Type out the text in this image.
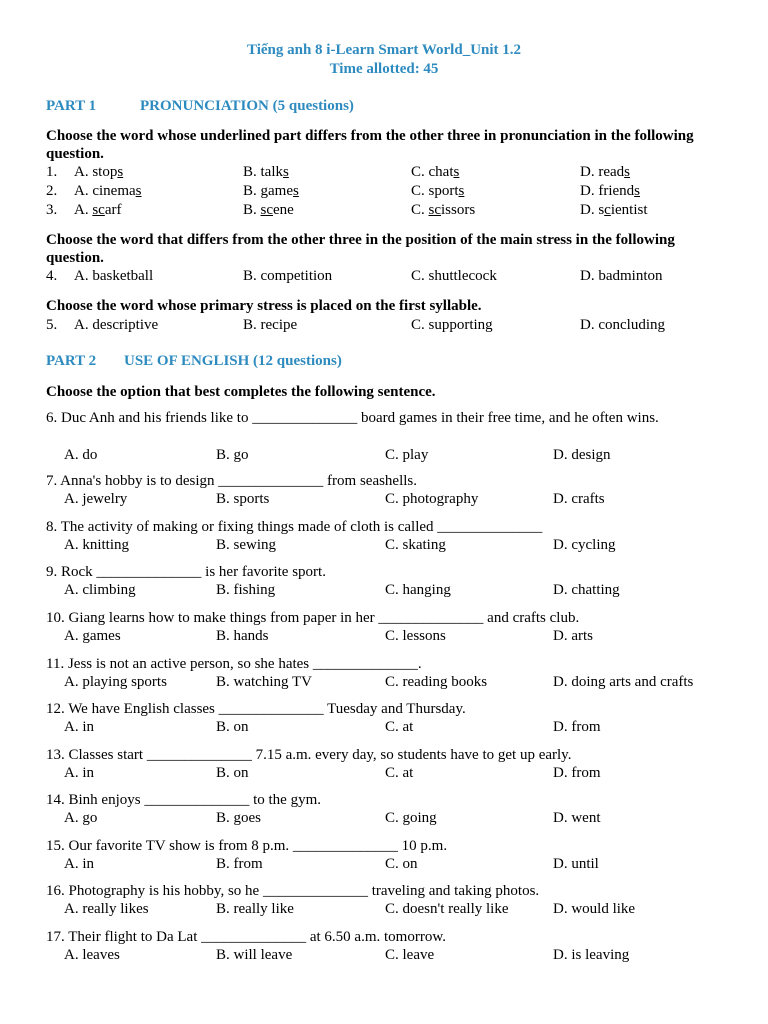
Tiếng anh 8 i-Learn Smart World_Unit 1.2
Time allotted: 45
PART 1	PRONUNCIATION (5 questions)
Choose the word whose underlined part differs from the other three in pronunciation in the following question.
1. A. stops	B. talks	C. chats	D. reads
2. A. cinemas	B. games	C. sports	D. friends
3. A. scarf	B. scene	C. scissors	D. scientist
4. A. basketball	B. competition	C. shuttlecock	D. badminton
5. A. descriptive	B. recipe	C. supporting	D. concluding
Choose the word that differs from the other three in the position of the main stress in the following question.
Choose the word whose primary stress is placed on the first syllable.
PART 2 USE OF ENGLISH (12 questions)
Choose the option that best completes the following sentence.
6. Duc Anh and his friends like to ______________ board games in their free time, and he often wins.
A. do	B. go	C. play	D. design
7. Anna's hobby is to design ______________ from seashells.
A. jewelry	B. sports	C. photography	D. crafts
8. The activity of making or fixing things made of cloth is called ______________
A. knitting	B. sewing	C. skating	D. cycling
9. Rock ______________ is her favorite sport.
A. climbing	B. fishing	C. hanging	D. chatting
10. Giang learns how to make things from paper in her ______________ and crafts club.
A. games	B. hands	C. lessons	D. arts
11. Jess is not an active person, so she hates ______________.
A. playing sports	B. watching TV	C. reading books	D. doing arts and crafts
12. We have English classes ______________ Tuesday and Thursday.
A. in	B. on	C. at	D. from
13. Classes start ______________ 7.15 a.m. every day, so students have to get up early.
A. in	B. on	C. at	D. from
14. Binh enjoys ______________ to the gym.
A. go	B. goes	C. going	D. went
15. Our favorite TV show is from 8 p.m. ______________ 10 p.m.
A. in	B. from	C. on	D. until
16. Photography is his hobby, so he ______________ traveling and taking photos.
A. really likes	B. really like	C. doesn't really like	D. would like
17. Their flight to Da Lat ______________ at 6.50 a.m. tomorrow.
A. leaves	B. will leave	C. leave	D. is leaving
